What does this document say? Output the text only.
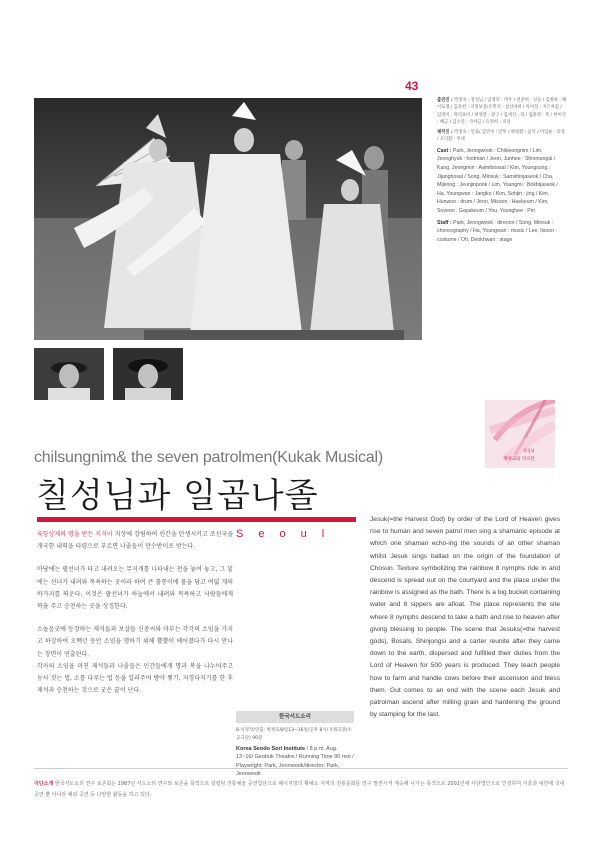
43

출연진 : 박정욱 : 칠성님 / 임정혁 : 머우 / 전준희 : 신동 / 김병하 : 해이로생 / 김옥현 : 지형보살/조민석 : 삼신바위 / 차미정 : 지은차짐 / 임영미 : 목덕초비 / 허영란 : 장구 / 김세진 : 징 / 김훈영 : 북 / 한미선 : 해금 / 김소연 : 가야금 / 유영희 : 피리

제작진 : 박정욱 : 연출/ 김민수 : 안무 / 하영환 : 음악 / 이임순 : 의상 / 오덕환 : 무대

Cast : Park, Jeongwook : Chilseongnim / Lim, Jeonghyuk : footman / Jeon, Junhee : Shinmungal / Kang, Jeongmin : Aamiboosal / Kim, Youngsung : Jijangbosal / Song, Minsuk : Samshinjaseok / Cha, Mijeong : Jeunjinpook / Lim, Youngmi : Bokbijaseok / Ha, Youngwan : Jangko / Kim, Sohjin : jing / Kim, Hunwoo : drum / Jeon, Misoon : Haekeum / Kim, Soyeon : Gayakeum / You, Younghee : Piri

Staff : Park, Jeongwook : director / Song, Minsuk : choreography / Ha, Youngwan : music / Lee, Iisoon : costume / Oh, Deokhwan : stage

칠성님
계양교와 악극단
chilsungnim& the seven patrolmen(Kukak Musical)
칠성님과 일곱나졸
Seoul

육항상제의 명을 받든 저석이 지상에 강림하여 인간을 탄생시키고 조선국을 개국한 내력을 타령으로 부르면 나졸들이 만수받이로 받는다.

마당에는 펼선녀가 타고 내려오는 무지개를 나타내는 천을 놓여 놓고, 그 밑에는 선녀가 내려와 목욕하는 곳이라 하여 큰 물통이에 물을 담고 여덟 개의 바가지를 띄운다. 이것은 팔선녀가 하늘에서 내려와 목욕하고 사람들에게 복을 주고 승천하는 곳을 상징한다.

소놀음굿에 등장하는 제석들과 보살들 신중씨와 마부는 각각의 소임을 가지고 하강하여 오백년 동안 소임을 행하기 위해 뿔뿔이 헤어졌다가 다시 만나는 장면이 연출된다.

각자의 소임을 마친 제석들과 나졸들은 인간들에게 명과 복을 나누어주고 농사 짓는 법, 소를 다루는 법 등을 일러주며 방아 찧기, 지경다지기를 한 후 제석과 승천하는 것으로 굿은 끝이 난다.

한국서도소리
8.석경작/연출: 박정욱/8일13~16일/공후 8시/거제극장(소공극단) 90분
Korea Seodo Sori Institute / 8 p.m. Aug. 13~16/ Geobuk Theatre / Running Time 90 min / Playwright: Park, Jeonwook/director: Park, Jeonwook
Jesuk(=the Harvest God) by order of the Lord of Heaven gives rise to human and seven patrol men sing a shamanic episode at which one shaman echo-ing the sounds of an other shaman whilst Jesuk sings ballad on the origin of the foundation of Chosun. Texture symbolizing the rainbow 8 nymphs ride in and descend is spread out on the courtyard and the place under the rainbow is assigned as the bath. There is a big bucket containing water and 8 sippers are afloat. The place represents the site where 8 nymphs descend to take a bath and rise to heaven after giving blessing to people. The scene that Jesuks(=the harvest gods), Bosals, Shinjongsi and a carter reunite after they came down to the earth, dispersed and fulfilled their duties from the Lord of Heaven for 500 years is produced. They teach people how to farm and handle cows before their ascension and bless them. Gut comes to an end with the scene each Jesuk and patrolman ascend after milling grain and hardening the ground by stamping for the last.
극단소개 한국서도소리 연구 보존회는 1987년 서도소리 연구와 보존을 목적으로 설립된 전통예술 공연집단으로 해서지방의 황해도 지역의 전통문화를 연구 발전시켜 계승해 나가는 목적으로 2001년에 사단법인으로 인정하여 서울과 대한에 국내공연 뿐 아니라 해외 공연 등 다양한 활동을 하고 있다.
